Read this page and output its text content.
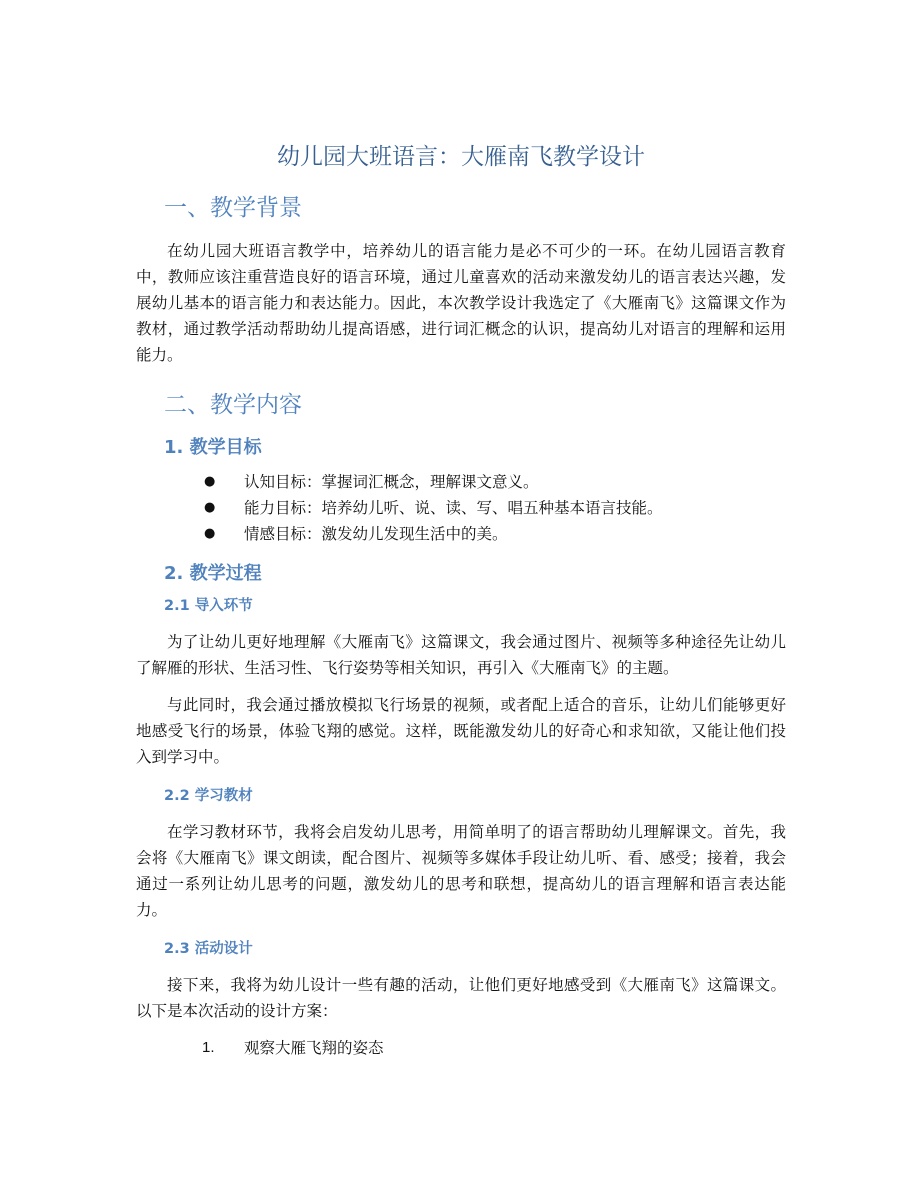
幼儿园大班语言：大雁南飞教学设计
一、教学背景

在幼儿园大班语言教学中，培养幼儿的语言能力是必不可少的一环。在幼儿园语言教育中，教师应该注重营造良好的语言环境，通过儿童喜欢的活动来激发幼儿的语言表达兴趣，发展幼儿基本的语言能力和表达能力。因此，本次教学设计我选定了《大雁南飞》这篇课文作为教材，通过教学活动帮助幼儿提高语感，进行词汇概念的认识，提高幼儿对语言的理解和运用能力。

二、教学内容
1. 教学目标
● 认知目标：掌握词汇概念，理解课文意义。
● 能力目标：培养幼儿听、说、读、写、唱五种基本语言技能。
● 情感目标：激发幼儿发现生活中的美。
2. 教学过程
2.1 导入环节

为了让幼儿更好地理解《大雁南飞》这篇课文，我会通过图片、视频等多种途径先让幼儿了解雁的形状、生活习性、飞行姿势等相关知识，再引入《大雁南飞》的主题。

与此同时，我会通过播放模拟飞行场景的视频，或者配上适合的音乐，让幼儿们能够更好地感受飞行的场景，体验飞翔的感觉。这样，既能激发幼儿的好奇心和求知欲，又能让他们投入到学习中。

2.2 学习教材

在学习教材环节，我将会启发幼儿思考，用简单明了的语言帮助幼儿理解课文。首先，我会将《大雁南飞》课文朗读，配合图片、视频等多媒体手段让幼儿听、看、感受；接着，我会通过一系列让幼儿思考的问题，激发幼儿的思考和联想，提高幼儿的语言理解和语言表达能力。

2.3 活动设计

接下来，我将为幼儿设计一些有趣的活动，让他们更好地感受到《大雁南飞》这篇课文。以下是本次活动的设计方案：

1. 观察大雁飞翔的姿态
